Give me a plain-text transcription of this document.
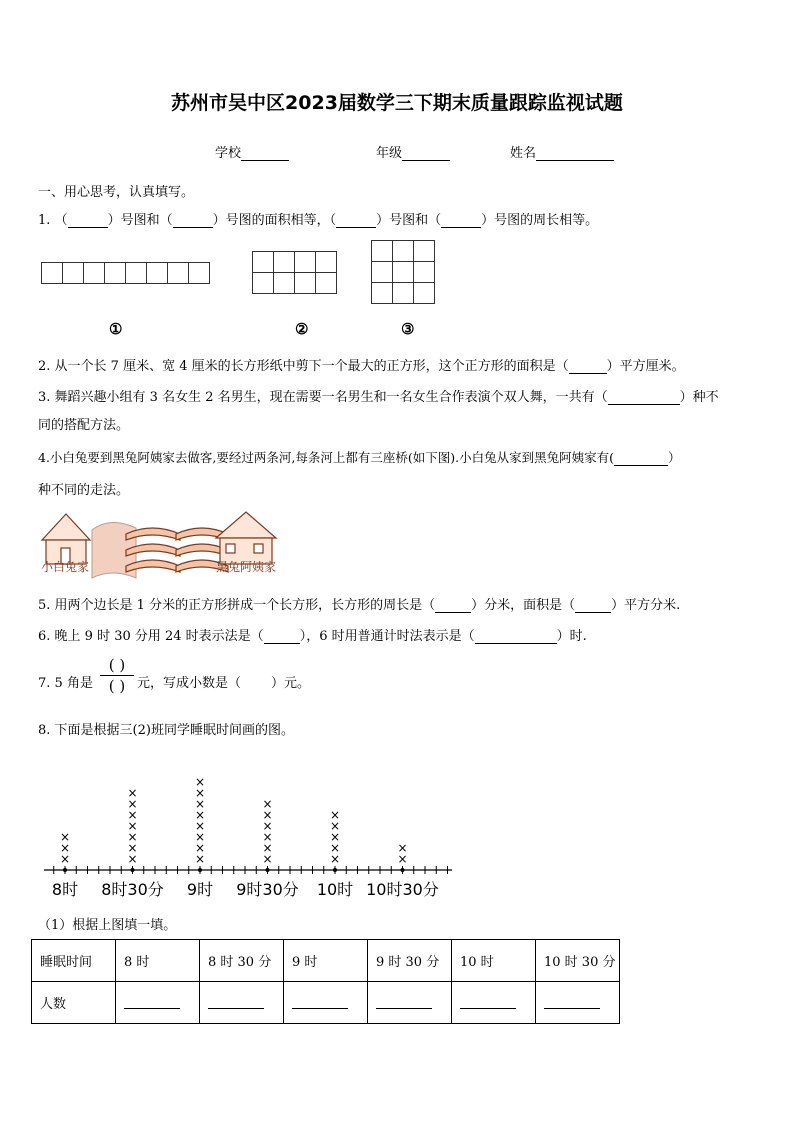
苏州市吴中区2023届数学三下期末质量跟踪监视试题
学校	年级	姓名
一、用心思考，认真填写。
1. （	）号图和（	）号图的面积相等，（	）号图和（	）号图的周长相等。

①	②	③
2. 从一个长 7 厘米、宽 4 厘米的长方形纸中剪下一个最大的正方形，这个正方形的面积是（	）平方厘米。
3. 舞蹈兴趣小组有 3 名女生 2 名男生，现在需要一名男生和一名女生合作表演个双人舞，一共有（	）种不
同的搭配方法。
4.小白兔要到黑兔阿姨家去做客,要经过两条河,每条河上都有三座桥(如下图).小白兔从家到黑兔阿姨家有(	）
种不同的走法。
小白兔家	黑兔阿姨家
5. 用两个边长是 1 分米的正方形拼成一个长方形，长方形的周长是（	）分米，面积是（	）平方分米.
6. 晚上 9 时 30 分用 24 时表示法是（	），6 时用普通计时法表示是（	）时.
7. 5 角是
( )
( ) 元，写成小数是（ ）元。
8. 下面是根据三(2)班同学睡眠时间画的图。
×
×
×
×
×
×
×
×
×
×
×
×
×
×
×
×
×
×
×
×
×
×
×
×
×
×
×
×
×
×
×
8时 8时30分 9时 9时30分 10时 10时30分
（1）根据上图填一填。
睡眠时间	8 时	8 时 30 分	9 时	9 时 30 分	10 时	10 时 30 分
人数						
